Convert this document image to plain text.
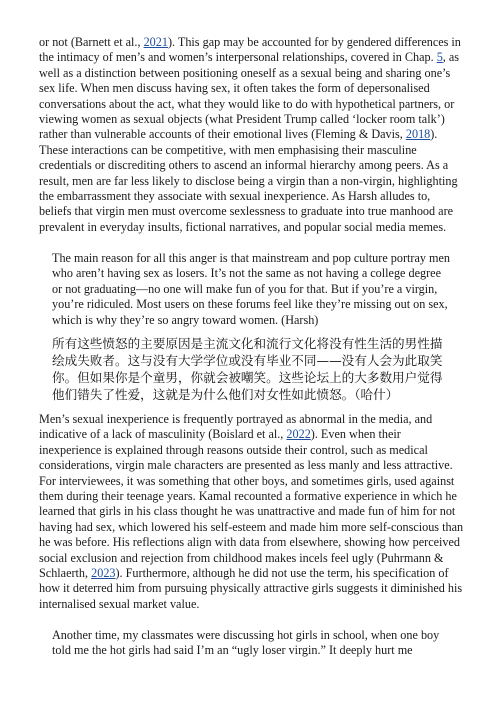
or not (Barnett et al., 2021). This gap may be accounted for by gendered differences in the intimacy of men’s and women’s interpersonal relationships, covered in Chap. 5, as well as a distinction between positioning oneself as a sexual being and sharing one’s sex life. When men discuss having sex, it often takes the form of depersonalised conversations about the act, what they would like to do with hypothetical partners, or viewing women as sexual objects (what President Trump called ‘locker room talk’) rather than vulnerable accounts of their emotional lives (Fleming & Davis, 2018). These interactions can be competitive, with men emphasising their masculine credentials or discrediting others to ascend an informal hierarchy among peers. As a result, men are far less likely to disclose being a virgin than a non-virgin, highlighting the embarrassment they associate with sexual inexperience. As Harsh alludes to, beliefs that virgin men must overcome sexlessness to graduate into true manhood are prevalent in everyday insults, fictional narratives, and popular social media memes.

The main reason for all this anger is that mainstream and pop culture portray men who aren’t having sex as losers. It’s not the same as not having a college degree or not graduating—no one will make fun of you for that. But if you’re a virgin, you’re ridiculed. Most users on these forums feel like they’re missing out on sex, which is why they’re so angry toward women. (Harsh)

所有这些愤怒的主要原因是主流文化和流行文化将没有性生活的男性描绘成失败者。这与没有大学学位或没有毕业不同——没有人会为此取笑你。但如果你是个童男，你就会被嘲笑。这些论坛上的大多数用户觉得他们错失了性爱，这就是为什么他们对女性如此愤怒。（哈什）

Men’s sexual inexperience is frequently portrayed as abnormal in the media, and indicative of a lack of masculinity (Boislard et al., 2022). Even when their inexperience is explained through reasons outside their control, such as medical considerations, virgin male characters are presented as less manly and less attractive. For interviewees, it was something that other boys, and sometimes girls, used against them during their teenage years. Kamal recounted a formative experience in which he learned that girls in his class thought he was unattractive and made fun of him for not having had sex, which lowered his self-esteem and made him more self-conscious than he was before. His reflections align with data from elsewhere, showing how perceived social exclusion and rejection from childhood makes incels feel ugly (Puhrmann & Schlaerth, 2023). Furthermore, although he did not use the term, his specification of how it deterred him from pursuing physically attractive girls suggests it diminished his internalised sexual market value.

Another time, my classmates were discussing hot girls in school, when one boy told me the hot girls had said I’m an “ugly loser virgin.” It deeply hurt me
